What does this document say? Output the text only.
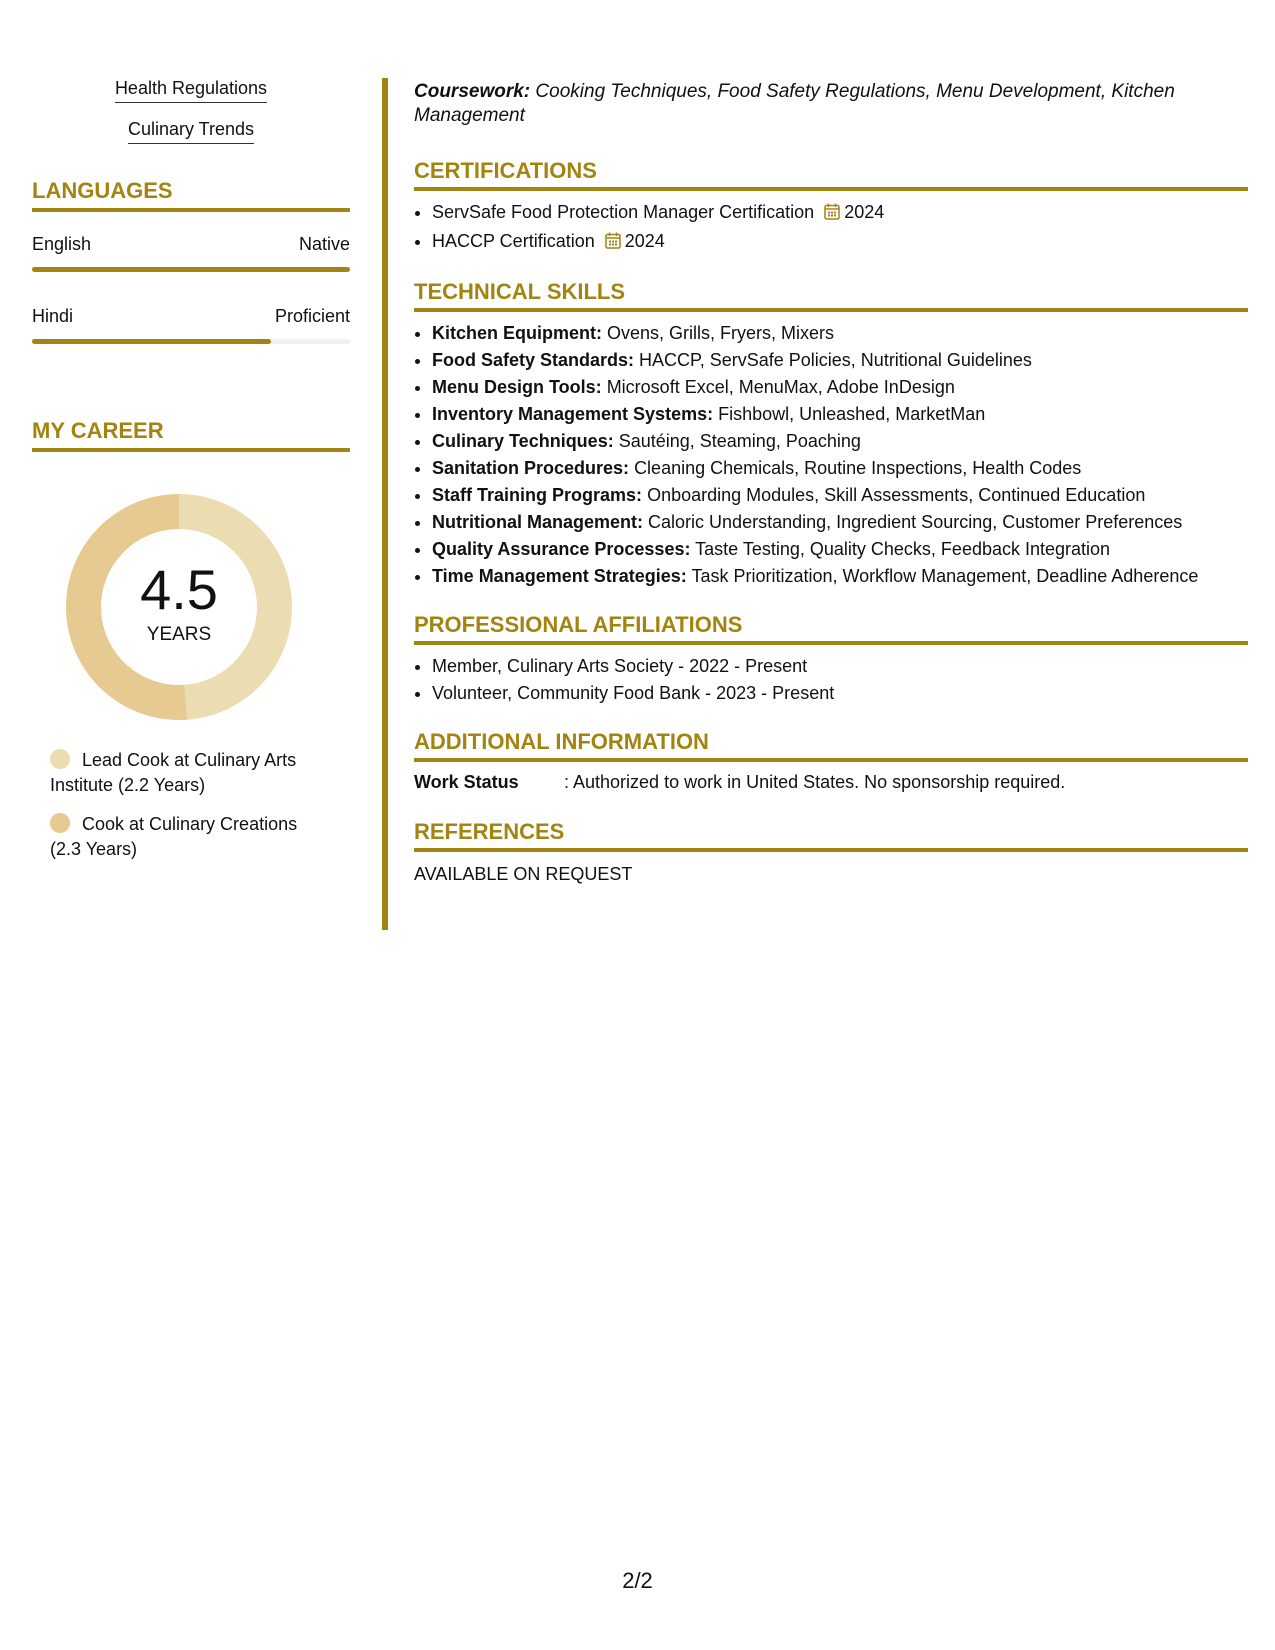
Health Regulations
Culinary Trends
LANGUAGES
English	Native
Hindi	Proficient
MY CAREER
4.5
YEARS
Lead Cook at Culinary Arts Institute (2.2 Years)
Cook at Culinary Creations (2.3 Years)

Coursework: Cooking Techniques, Food Safety Regulations, Menu Development, Kitchen Management

CERTIFICATIONS
• ServSafe Food Protection Manager Certification 2024
• HACCP Certification 2024
TECHNICAL SKILLS
• Kitchen Equipment: Ovens, Grills, Fryers, Mixers
• Food Safety Standards: HACCP, ServSafe Policies, Nutritional Guidelines
• Menu Design Tools: Microsoft Excel, MenuMax, Adobe InDesign
• Inventory Management Systems: Fishbowl, Unleashed, MarketMan
• Culinary Techniques: Sautéing, Steaming, Poaching
• Sanitation Procedures: Cleaning Chemicals, Routine Inspections, Health Codes
• Staff Training Programs: Onboarding Modules, Skill Assessments, Continued Education
• Nutritional Management: Caloric Understanding, Ingredient Sourcing, Customer Preferences
• Quality Assurance Processes: Taste Testing, Quality Checks, Feedback Integration
• Time Management Strategies: Task Prioritization, Workflow Management, Deadline Adherence
PROFESSIONAL AFFILIATIONS
• Member, Culinary Arts Society - 2022 - Present
• Volunteer, Community Food Bank - 2023 - Present
ADDITIONAL INFORMATION
Work Status	: Authorized to work in United States. No sponsorship required.
REFERENCES

AVAILABLE ON REQUEST

2/2
